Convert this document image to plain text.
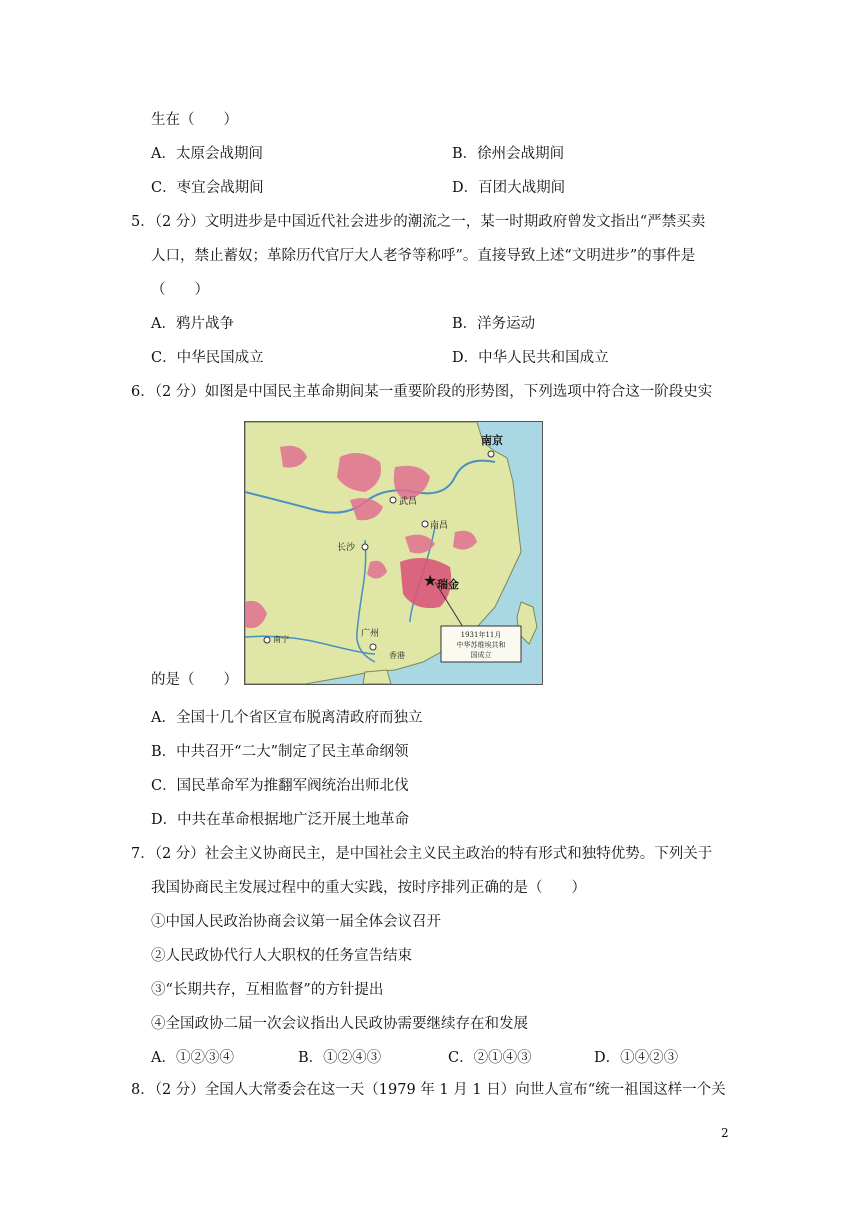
生在（　　）
A．太原会战期间	B．徐州会战期间
C．枣宜会战期间	D．百团大战期间
5．（2 分）文明进步是中国近代社会进步的潮流之一，某一时期政府曾发文指出“严禁买卖
人口，禁止蓄奴；革除历代官厅大人老爷等称呼”。直接导致上述“文明进步”的事件是
（　　）
A．鸦片战争	B．洋务运动
C．中华民国成立	D．中华人民共和国成立
6．（2 分）如图是中国民主革命期间某一重要阶段的形势图，下列选项中符合这一阶段史实
1931年11月
中华苏维埃共和
国成立
武昌
南京
长沙
南昌
★ 瑞金
广州
香港
南宁
的是（　　）
A．全国十几个省区宣布脱离清政府而独立
B．中共召开“二大”制定了民主革命纲领
C．国民革命军为推翻军阀统治出师北伐
D．中共在革命根据地广泛开展土地革命
7．（2 分）社会主义协商民主，是中国社会主义民主政治的特有形式和独特优势。下列关于
我国协商民主发展过程中的重大实践，按时序排列正确的是（　　）
①中国人民政治协商会议第一届全体会议召开
②人民政协代行人大职权的任务宣告结束
③“长期共存，互相监督”的方针提出
④全国政协二届一次会议指出人民政协需要继续存在和发展
A．①②③④	B．①②④③	C．②①④③	D．①④②③
8．（2 分）全国人大常委会在这一天（1979 年 1 月 1 日）向世人宣布“统一祖国这样一个关
2
